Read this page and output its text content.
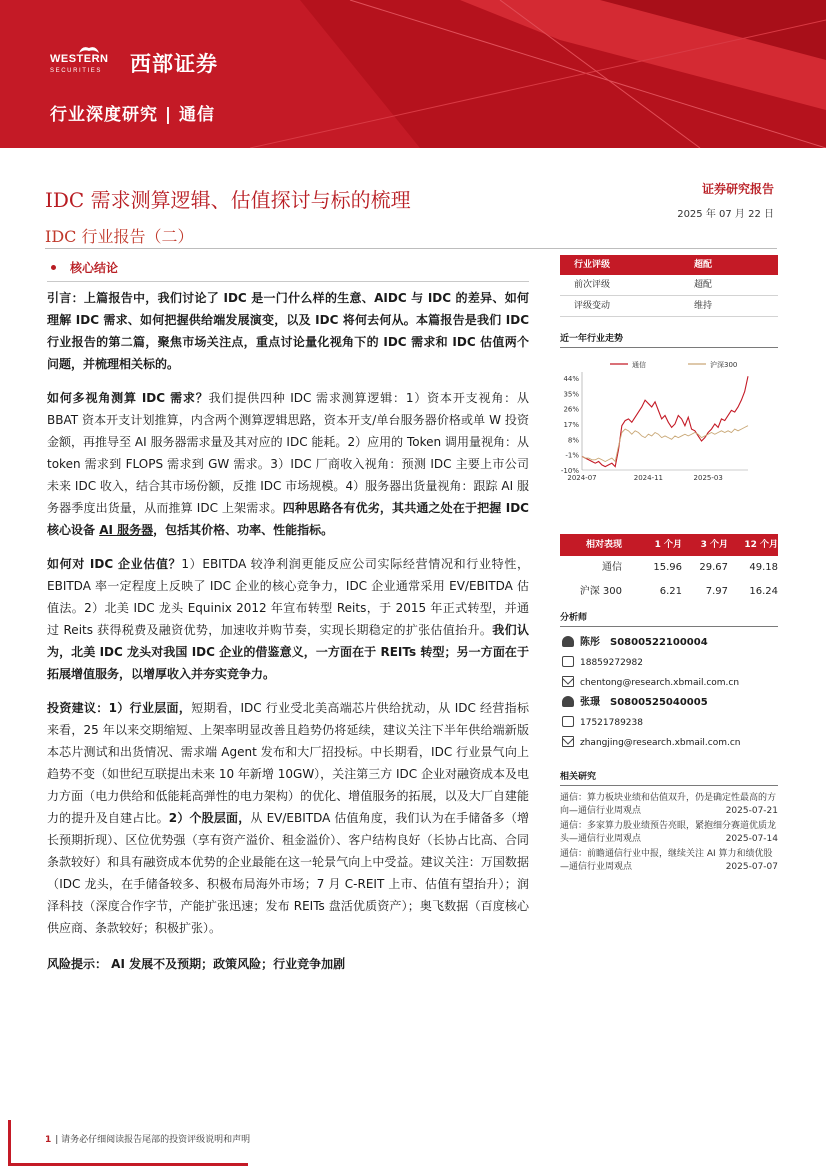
WESTERN
SECURITIES 西部证券
行业深度研究 | 通信
IDC 需求测算逻辑、估值探讨与标的梳理
IDC 行业报告（二）
证券研究报告
2025 年 07 月 22 日
核心结论

引言：上篇报告中，我们讨论了 IDC 是一门什么样的生意、AIDC 与 IDC 的差异、如何理解 IDC 需求、如何把握供给端发展演变，以及 IDC 将何去何从。本篇报告是我们 IDC 行业报告的第二篇，聚焦市场关注点，重点讨论量化视角下的 IDC 需求和 IDC 估值两个问题，并梳理相关标的。

如何多视角测算 IDC 需求？我们提供四种 IDC 需求测算逻辑：1）资本开支视角：从 BBAT 资本开支计划推算，内含两个测算逻辑思路，资本开支/单台服务器价格或单 W 投资金额，再推导至 AI 服务器需求量及其对应的 IDC 能耗。2）应用的 Token 调用量视角：从 token 需求到 FLOPS 需求到 GW 需求。3）IDC 厂商收入视角：预测 IDC 主要上市公司未来 IDC 收入，结合其市场份额，反推 IDC 市场规模。4）服务器出货量视角：跟踪 AI 服务器季度出货量，从而推算 IDC 上架需求。四种思路各有优劣，其共通之处在于把握 IDC 核心设备 AI 服务器，包括其价格、功率、性能指标。

如何对 IDC 企业估值？1）EBITDA 较净利润更能反应公司实际经营情况和行业特性，EBITDA 率一定程度上反映了 IDC 企业的核心竞争力，IDC 企业通常采用 EV/EBITDA 估值法。2）北美 IDC 龙头 Equinix 2012 年宣布转型 Reits，于 2015 年正式转型，并通过 Reits 获得税费及融资优势，加速收并购节奏，实现长期稳定的扩张估值抬升。我们认为，北美 IDC 龙头对我国 IDC 企业的借鉴意义，一方面在于 REITs 转型；另一方面在于拓展增值服务，以增厚收入并夯实竞争力。

投资建议：1）行业层面，短期看，IDC 行业受北美高端芯片供给扰动，从 IDC 经营指标来看，25 年以来交期缩短、上架率明显改善且趋势仍将延续，建议关注下半年供给端新版本芯片测试和出货情况、需求端 Agent 发布和大厂招投标。中长期看，IDC 行业景气向上趋势不变（如世纪互联提出未来 10 年新增 10GW），关注第三方 IDC 企业对融资成本及电力方面（电力供给和低能耗高弹性的电力架构）的优化、增值服务的拓展，以及大厂自建能力的提升及自建占比。2）个股层面，从 EV/EBITDA 估值角度，我们认为在手储备多（增长预期折现）、区位优势强（享有资产溢价、租金溢价）、客户结构良好（长协占比高、合同条款较好）和具有融资成本优势的企业最能在这一轮景气向上中受益。建议关注：万国数据（IDC 龙头，在手储备较多、积极布局海外市场；7 月 C-REIT 上市、估值有望抬升）；润泽科技（深度合作字节，产能扩张迅速；发布 REITs 盘活优质资产）；奥飞数据（百度核心供应商、条款较好；积极扩张）。

风险提示： AI 发展不及预期；政策风险；行业竞争加剧

行业评级	超配
前次评级	超配
评级变动	维持
近一年行业走势
44%
35%
26%
17%
8%
-1%
-10%
2024-07	2024-11	2025-03
通信	沪深300
相对表现	1 个月 3 个月 12 个月
通信	15.96 29.67 49.18
沪深 300	6.21 7.97 16.24
分析师
陈彤 S0800522100004
18859272982
chentong@research.xbmail.com.cn
张璟 S0800525040005
17521789238
zhangjing@research.xbmail.com.cn
相关研究
通信：算力板块业绩和估值双升，仍是确定性最高的方向—通信行业周观点	2025-07-21
通信：多家算力股业绩预告亮眼，紧抱细分赛道优质龙头—通信行业周观点	2025-07-14
通信：前瞻通信行业中报，继续关注 AI 算力和绩优股 —通信行业周观点	2025-07-07
1 | 请务必仔细阅读报告尾部的投资评级说明和声明
